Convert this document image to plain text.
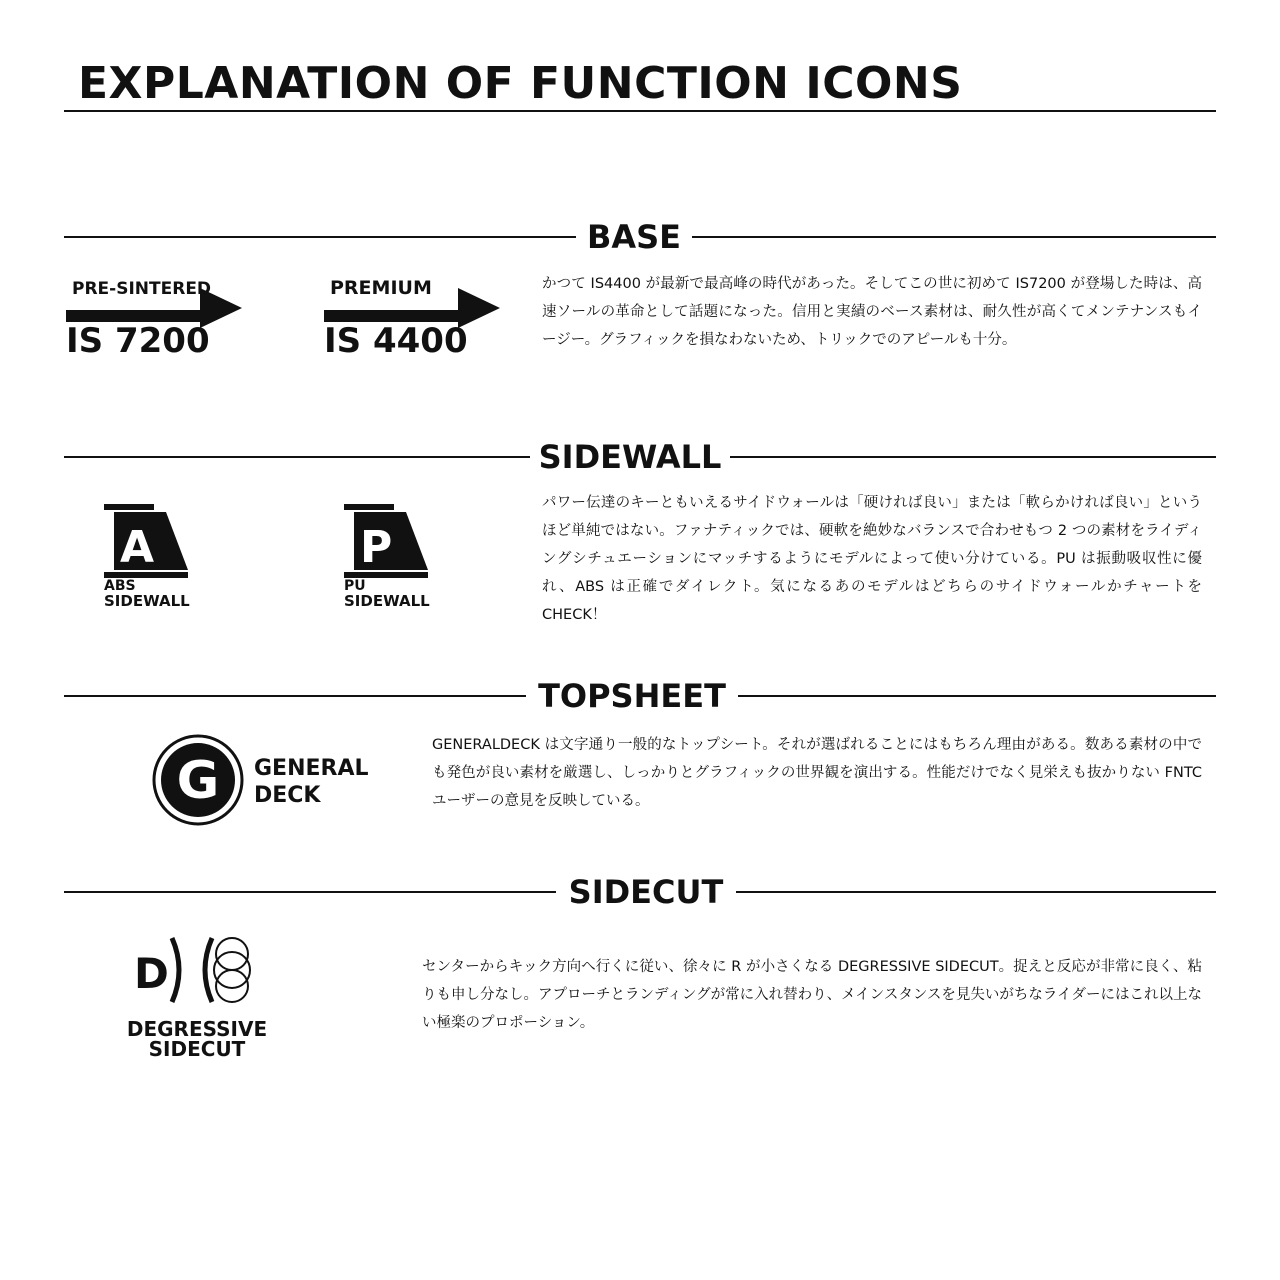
EXPLANATION OF FUNCTION ICONS
BASE
PRE-SINTERED
IS 7200
PREMIUM
IS 4400

かつて IS4400 が最新で最高峰の時代があった。そしてこの世に初めて IS7200 が登場した時は、高速ソールの革命として話題になった。信用と実績のベース素材は、耐久性が高くてメンテナンスもイージー。グラフィックを損なわないため、トリックでのアピールも十分。

SIDEWALL
A
ABS
SIDEWALL
P
PU
SIDEWALL

パワー伝達のキーともいえるサイドウォールは「硬ければ良い」または「軟らかければ良い」というほど単純ではない。ファナティックでは、硬軟を絶妙なバランスで合わせもつ 2 つの素材をライディングシチュエーションにマッチするようにモデルによって使い分けている。PU は振動吸収性に優れ、ABS は正確でダイレクト。気になるあのモデルはどちらのサイドウォールかチャートを CHECK！

TOPSHEET
G GENERAL
DECK

GENERALDECK は文字通り一般的なトップシート。それが選ばれることにはもちろん理由がある。数ある素材の中でも発色が良い素材を厳選し、しっかりとグラフィックの世界観を演出する。性能だけでなく見栄えも抜かりない FNTC ユーザーの意見を反映している。

SIDECUT
D
DEGRESSIVE
SIDECUT

センターからキック方向へ行くに従い、徐々に R が小さくなる DEGRESSIVE SIDECUT。捉えと反応が非常に良く、粘りも申し分なし。アプローチとランディングが常に入れ替わり、メインスタンスを見失いがちなライダーにはこれ以上ない極楽のプロポーション。
